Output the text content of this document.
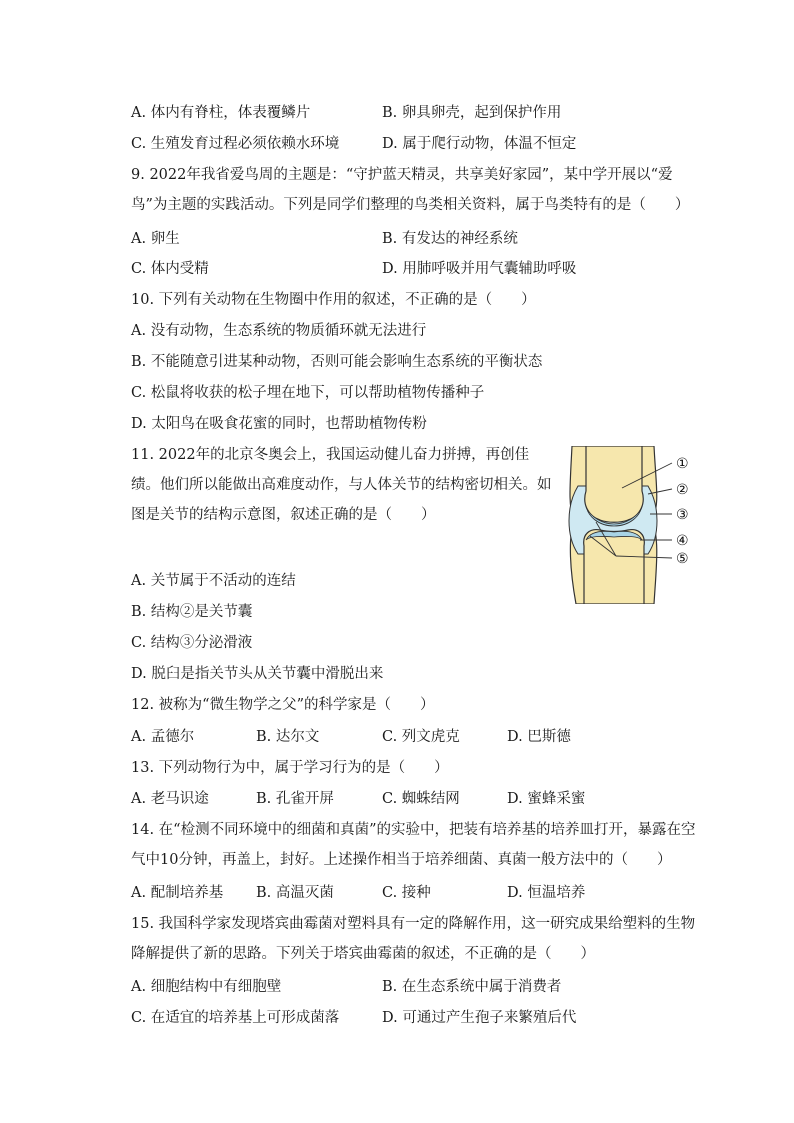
A. 体内有脊柱，体表覆鳞片	B. 卵具卵壳，起到保护作用
C. 生殖发育过程必须依赖水环境	D. 属于爬行动物，体温不恒定
9. 2022年我省爱鸟周的主题是：“守护蓝天精灵，共享美好家园”，某中学开展以“爱鸟”为主题的实践活动。下列是同学们整理的鸟类相关资料，属于鸟类特有的是（　　）
A. 卵生	B. 有发达的神经系统
C. 体内受精	D. 用肺呼吸并用气囊辅助呼吸
10. 下列有关动物在生物圈中作用的叙述，不正确的是（　　）
A. 没有动物，生态系统的物质循环就无法进行
B. 不能随意引进某种动物，否则可能会影响生态系统的平衡状态
C. 松鼠将收获的松子埋在地下，可以帮助植物传播种子
D. 太阳鸟在吸食花蜜的同时，也帮助植物传粉
11. 2022年的北京冬奥会上，我国运动健儿奋力拼搏，再创佳绩。他们所以能做出高难度动作，与人体关节的结构密切相关。如图是关节的结构示意图，叙述正确的是（　　）
A. 关节属于不活动的连结
B. 结构②是关节囊
C. 结构③分泌滑液
D. 脱臼是指关节头从关节囊中滑脱出来
①
②
③
④
⑤
12. 被称为“微生物学之父”的科学家是（　　）
A. 孟德尔	B. 达尔文	C. 列文虎克	D. 巴斯德
13. 下列动物行为中，属于学习行为的是（　　）
A. 老马识途	B. 孔雀开屏	C. 蜘蛛结网	D. 蜜蜂采蜜
14. 在“检测不同环境中的细菌和真菌”的实验中，把装有培养基的培养皿打开，暴露在空气中10分钟，再盖上，封好。上述操作相当于培养细菌、真菌一般方法中的（　　）
A. 配制培养基 B. 高温灭菌	C. 接种	D. 恒温培养
15. 我国科学家发现塔宾曲霉菌对塑料具有一定的降解作用，这一研究成果给塑料的生物降解提供了新的思路。下列关于塔宾曲霉菌的叙述，不正确的是（　　）
A. 细胞结构中有细胞壁	B. 在生态系统中属于消费者
C. 在适宜的培养基上可形成菌落	D. 可通过产生孢子来繁殖后代
